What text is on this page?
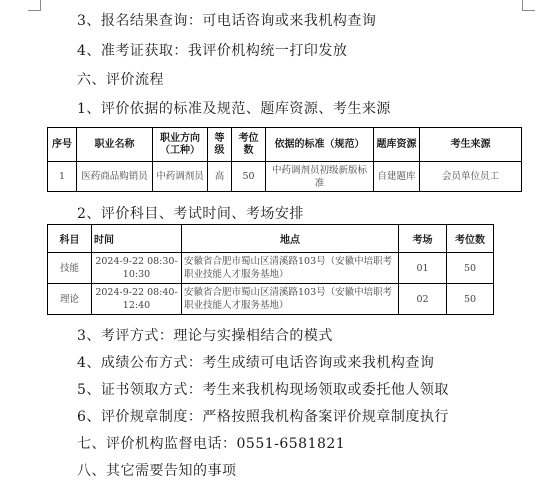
3、报名结果查询：可电话咨询或来我机构查询
4、准考证获取：我评价机构统一打印发放
六、评价流程
1、评价依据的标准及规范、题库资源、考生来源
序号	职业名称	职业方向（工种）	等级	考位数	依据的标准（规范）	题库资源	考生来源
1	医药商品购销员	中药调剂员	高	50	中药调剂员初级新版标准	自建题库	会员单位员工
2、评价科目、考试时间、考场安排
科目	时间	地点	考场	考位数
技能	2024-9-22 08:30-10:30	安徽省合肥市蜀山区清溪路103号（安徽中培职考职业技能人才服务基地）	01	50
理论	2024-9-22 08:40-12:40	安徽省合肥市蜀山区清溪路103号（安徽中培职考职业技能人才服务基地）	02	50
3、考评方式：理论与实操相结合的模式
4、成绩公布方式：考生成绩可电话咨询或来我机构查询
5、证书领取方式：考生来我机构现场领取或委托他人领取
6、评价规章制度：严格按照我机构备案评价规章制度执行
七、评价机构监督电话：0551-6581821
八、其它需要告知的事项
